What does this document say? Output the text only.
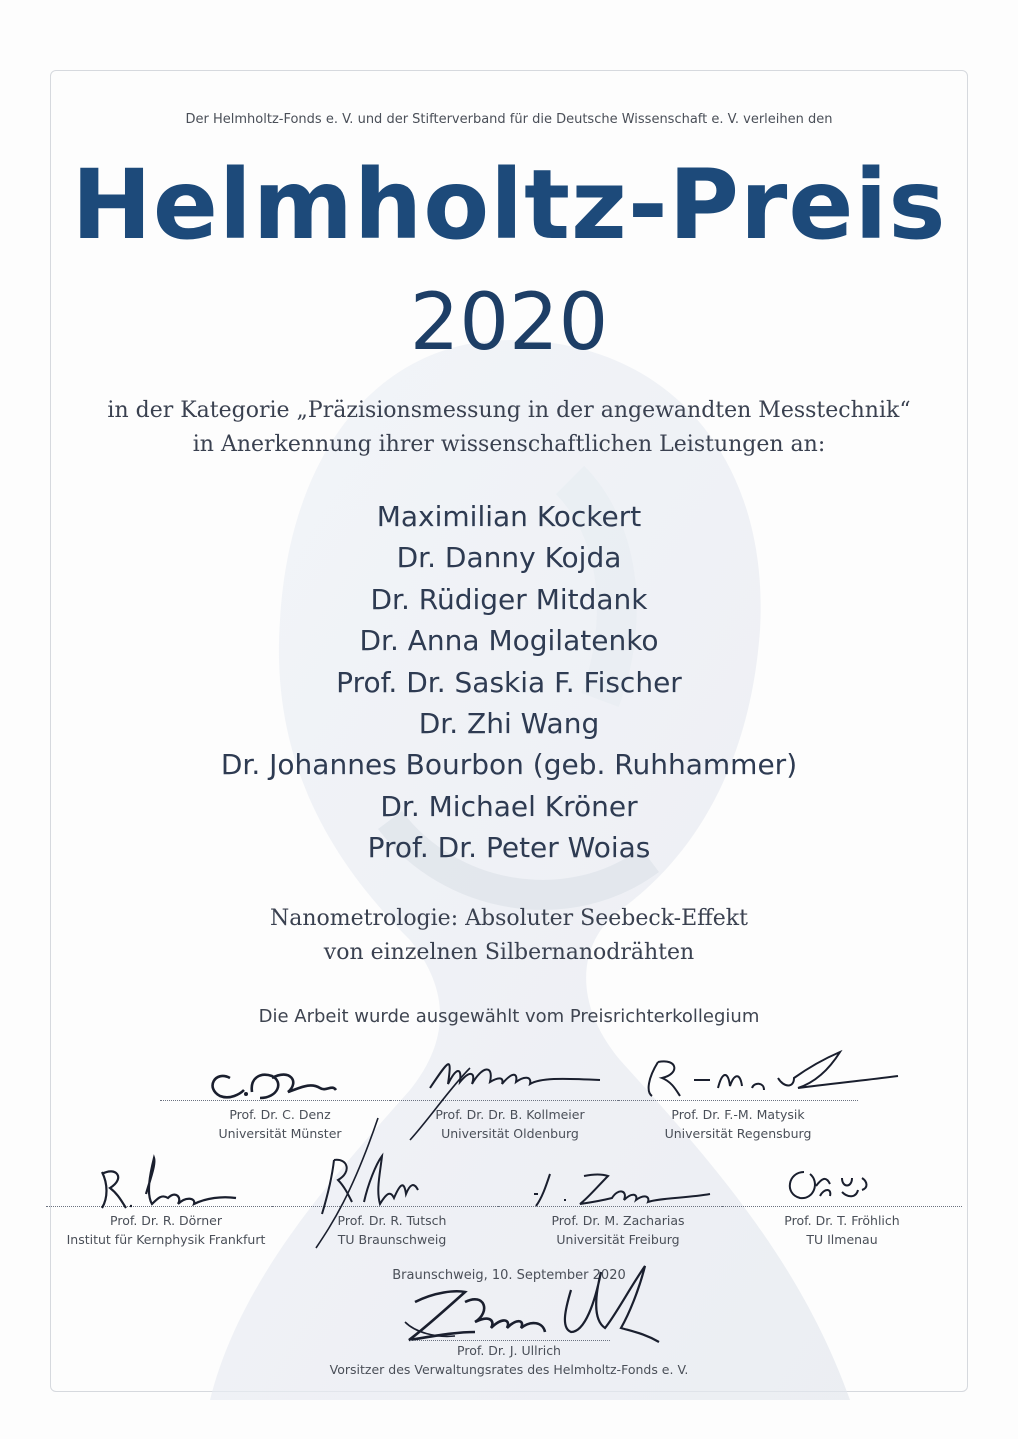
Der Helmholtz-Fonds e. V. und der Stifterverband für die Deutsche Wissenschaft e. V. verleihen den
Helmholtz-Preis
2020
in der Kategorie „Präzisionsmessung in der angewandten Messtechnik“
in Anerkennung ihrer wissenschaftlichen Leistungen an:
Maximilian Kockert
Dr. Danny Kojda
Dr. Rüdiger Mitdank
Dr. Anna Mogilatenko
Prof. Dr. Saskia F. Fischer
Dr. Zhi Wang
Dr. Johannes Bourbon (geb. Ruhhammer)
Dr. Michael Kröner
Prof. Dr. Peter Woias
Nanometrologie: Absoluter Seebeck-Effekt
von einzelnen Silbernanodrähten
Die Arbeit wurde ausgewählt vom Preisrichterkollegium
Prof. Dr. C. Denz
Universität Münster
Prof. Dr. Dr. B. Kollmeier
Universität Oldenburg
Prof. Dr. F.-M. Matysik
Universität Regensburg
Prof. Dr. R. Dörner
Institut für Kernphysik Frankfurt
Prof. Dr. R. Tutsch
TU Braunschweig
Prof. Dr. M. Zacharias
Universität Freiburg
Prof. Dr. T. Fröhlich
TU Ilmenau
Braunschweig, 10. September 2020
Prof. Dr. J. Ullrich
Vorsitzer des Verwaltungsrates des Helmholtz-Fonds e. V.
